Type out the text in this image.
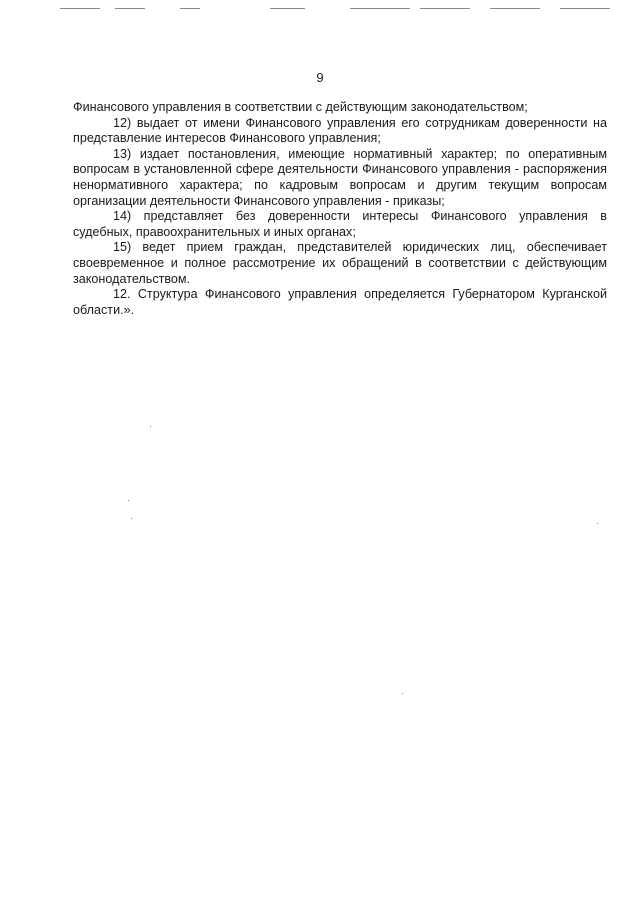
9

Финансового управления в соответствии с действующим законодательством;

12) выдает от имени Финансового управления его сотрудникам доверенности на представление интересов Финансового управления;

13) издает постановления, имеющие нормативный характер; по оперативным вопросам в установленной сфере деятельности Финансового управления - распоряжения ненормативного характера; по кадровым вопросам и другим текущим вопросам организации деятельности Финансового управления - приказы;

14) представляет без доверенности интересы Финансового управления в судебных, правоохранительных и иных органах;

15) ведет прием граждан, представителей юридических лиц, обеспечивает своевременное и полное рассмотрение их обращений в соответствии с действующим законодательством.

12. Структура Финансового управления определяется Губернатором Курганской области.».
